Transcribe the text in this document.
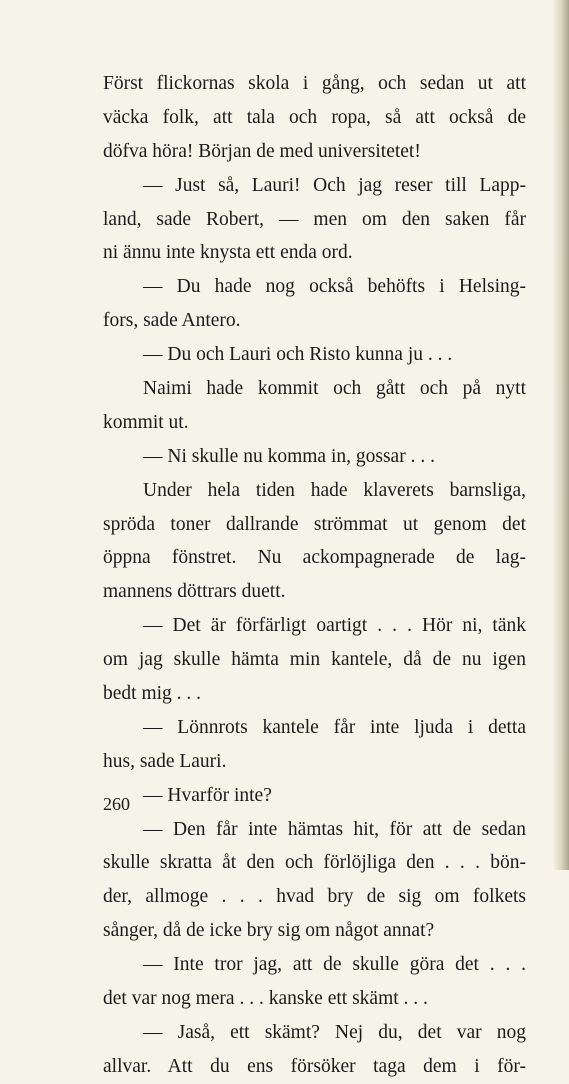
Först flickornas skola i gång, och sedan ut att
väcka folk, att tala och ropa, så att också de
döfva höra! Början de med universitetet!
— Just så, Lauri! Och jag reser till Lapp-
land, sade Robert, — men om den saken får
ni ännu inte knysta ett enda ord.
— Du hade nog också behöfts i Helsing-
fors, sade Antero.
— Du och Lauri och Risto kunna ju . . .
Naimi hade kommit och gått och på nytt
kommit ut.
— Ni skulle nu komma in, gossar . . .
Under hela tiden hade klaverets barnsliga,
spröda toner dallrande strömmat ut genom det
öppna fönstret. Nu ackompagnerade de lag-
mannens döttrars duett.
— Det är förfärligt oartigt . . . Hör ni, tänk
om jag skulle hämta min kantele, då de nu igen
bedt mig . . .
— Lönnrots kantele får inte ljuda i detta
hus, sade Lauri.
— Hvarför inte?
— Den får inte hämtas hit, för att de sedan
skulle skratta åt den och förlöjliga den . . . bön-
der, allmoge . . . hvad bry de sig om folkets
sånger, då de icke bry sig om något annat?
— Inte tror jag, att de skulle göra det . . .
det var nog mera . . . kanske ett skämt . . .
— Jaså, ett skämt? Nej du, det var nog
allvar. Att du ens försöker taga dem i för-
260
